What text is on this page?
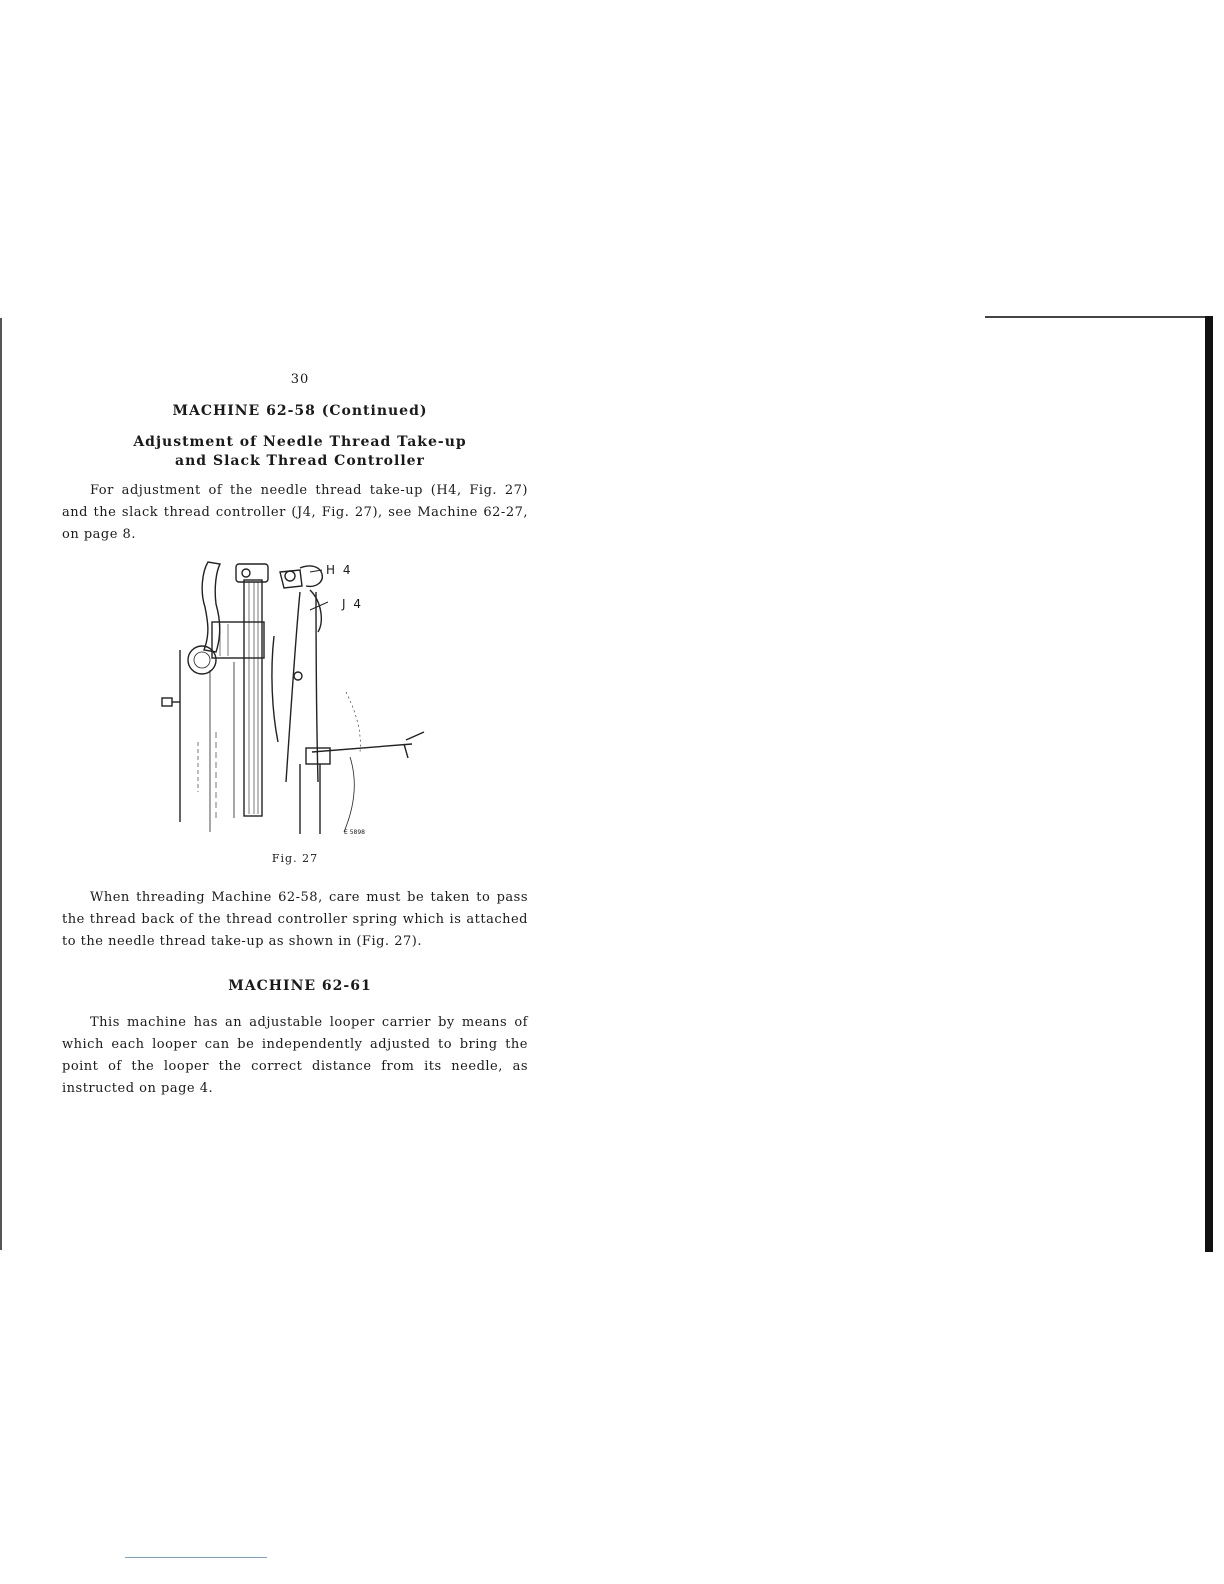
30
MACHINE 62-58 (Continued)
Adjustment of Needle Thread Take-up
and Slack Thread Controller

For adjustment of the needle thread take-up (H4, Fig. 27) and the slack thread controller (J4, Fig. 27), see Machine 62-27, on page 8.

H 4
J 4
E 5898
Fig. 27

When threading Machine 62-58, care must be taken to pass the thread back of the thread controller spring which is attached to the needle thread take-up as shown in (Fig. 27).

MACHINE 62-61

This machine has an adjustable looper carrier by means of which each looper can be independently adjusted to bring the point of the looper the correct distance from its needle, as instructed on page 4.
